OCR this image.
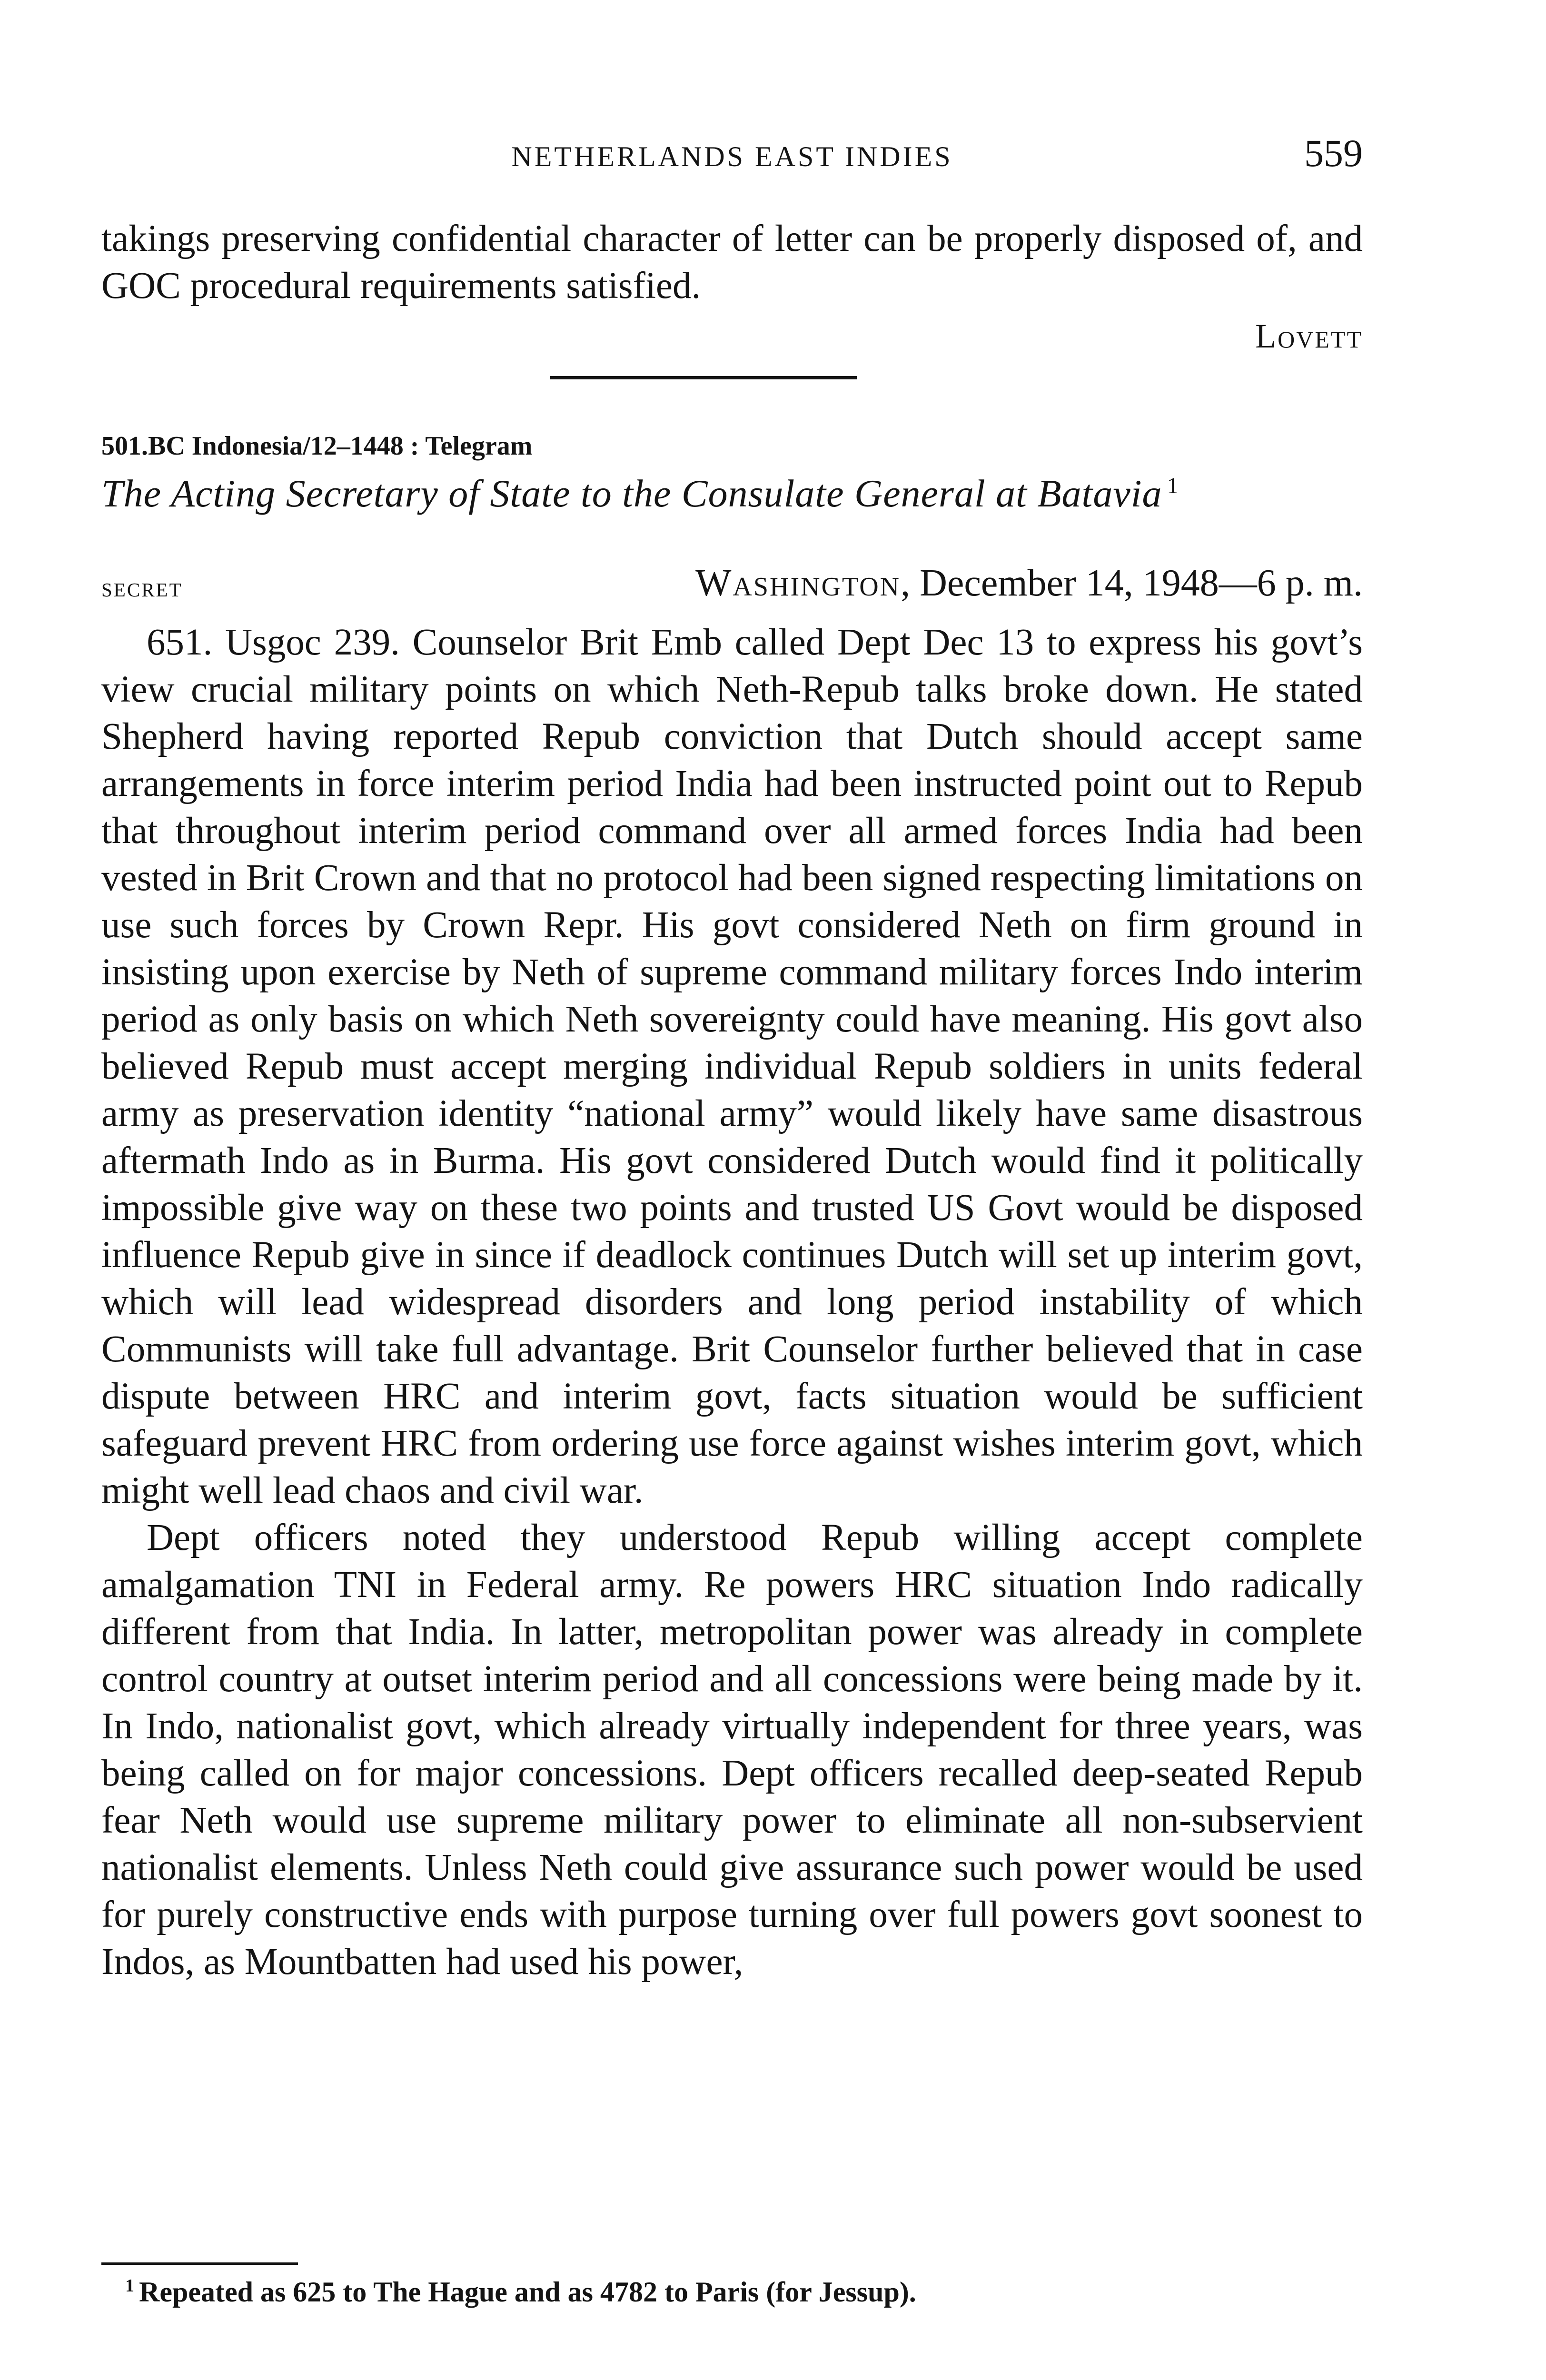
NETHERLANDS EAST INDIES	559
takings preserving confidential character of letter can be properly disposed of, and GOC procedural requirements satisfied.
Lovett
501.BC Indonesia/12–1448 : Telegram
The Acting Secretary of State to the Consulate General at Batavia $^1$
secret	Washington, December 14, 1948—6 p. m.

651. Usgoc 239. Counselor Brit Emb called Dept Dec 13 to express his govt’s view crucial military points on which Neth-Repub talks broke down. He stated Shepherd having reported Repub conviction that Dutch should accept same arrangements in force interim period India had been instructed point out to Repub that throughout interim period command over all armed forces India had been vested in Brit Crown and that no protocol had been signed respecting limitations on use such forces by Crown Repr. His govt considered Neth on firm ground in insisting upon exercise by Neth of supreme command military forces Indo interim period as only basis on which Neth sovereignty could have meaning. His govt also believed Repub must accept merging individual Repub soldiers in units federal army as preservation identity “national army” would likely have same disastrous aftermath Indo as in Burma. His govt considered Dutch would find it politically impossible give way on these two points and trusted US Govt would be disposed influence Repub give in since if deadlock continues Dutch will set up interim govt, which will lead widespread disorders and long period instability of which Communists will take full advantage. Brit Counselor further believed that in case dispute between HRC and interim govt, facts situation would be sufficient safeguard prevent HRC from ordering use force against wishes interim govt, which might well lead chaos and civil war.

Dept officers noted they understood Repub willing accept complete amalgamation TNI in Federal army. Re powers HRC situation Indo radically different from that India. In latter, metropolitan power was already in complete control country at outset interim period and all concessions were being made by it. In Indo, nationalist govt, which already virtually independent for three years, was being called on for major concessions. Dept officers recalled deep-seated Repub fear Neth would use supreme military power to eliminate all non-subservient nationalist elements. Unless Neth could give assurance such power would be used for purely constructive ends with purpose turning over full powers govt soonest to Indos, as Mountbatten had used his power,

$^1$ Repeated as 625 to The Hague and as 4782 to Paris (for Jessup).
